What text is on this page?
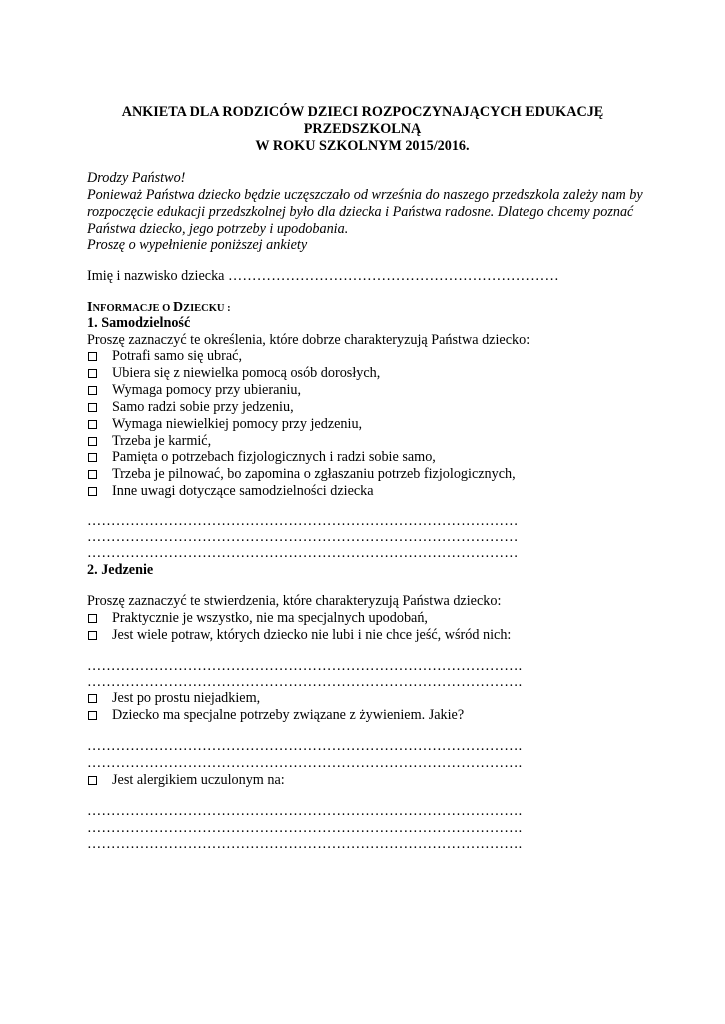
ANKIETA DLA RODZICÓW DZIECI ROZPOCZYNAJĄCYCH EDUKACJĘ
PRZEDSZKOLNĄ
W ROKU SZKOLNYM 2015/2016.
Drodzy Państwo!
Ponieważ Państwa dziecko będzie uczęszczało od września do naszego przedszkola zależy nam by
rozpoczęcie edukacji przedszkolnej było dla dziecka i Państwa radosne. Dlatego chcemy poznać
Państwa dziecko, jego potrzeby i upodobania.
Proszę o wypełnienie poniższej ankiety
Imię i nazwisko dziecka ……………………………………………………………
INFORMACJE O DZIECKU :
1. Samodzielność
Proszę zaznaczyć te określenia, które dobrze charakteryzują Państwa dziecko:
Potrafi samo się ubrać,
Ubiera się z niewielka pomocą osób dorosłych,
Wymaga pomocy przy ubieraniu,
Samo radzi sobie przy jedzeniu,
Wymaga niewielkiej pomocy przy jedzeniu,
Trzeba je karmić,
Pamięta o potrzebach fizjologicznych i radzi sobie samo,
Trzeba je pilnować, bo zapomina o zgłaszaniu potrzeb fizjologicznych,
Inne uwagi dotyczące samodzielności dziecka
………………………………………………………………………………
………………………………………………………………………………
………………………………………………………………………………
2. Jedzenie
Proszę zaznaczyć te stwierdzenia, które charakteryzują Państwa dziecko:
Praktycznie je wszystko, nie ma specjalnych upodobań,
Jest wiele potraw, których dziecko nie lubi i nie chce jeść, wśród nich:
……………………………………………………………………………….
……………………………………………………………………………….
Jest po prostu niejadkiem,
Dziecko ma specjalne potrzeby związane z żywieniem. Jakie?
……………………………………………………………………………….
……………………………………………………………………………….
Jest alergikiem uczulonym na:
……………………………………………………………………………….
……………………………………………………………………………….
……………………………………………………………………………….
